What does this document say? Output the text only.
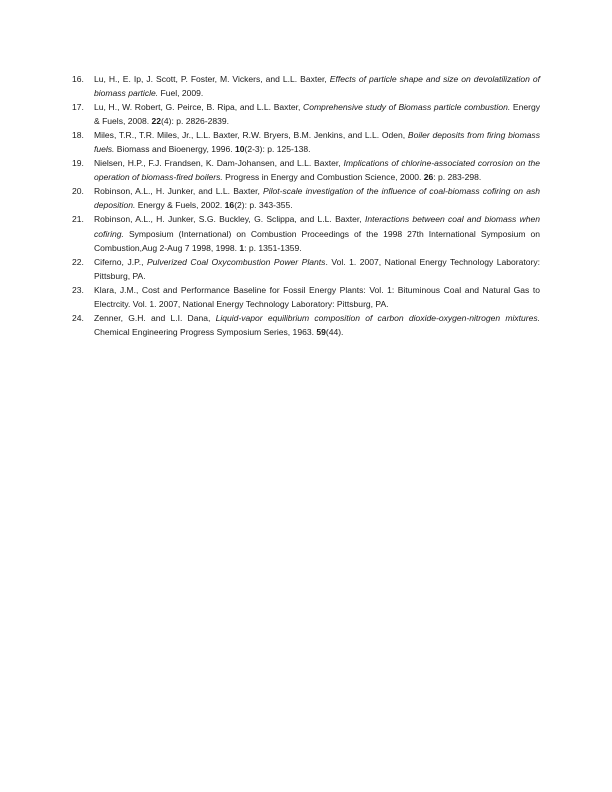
16. Lu, H., E. Ip, J. Scott, P. Foster, M. Vickers, and L.L. Baxter, Effects of particle shape and size on devolatilization of biomass particle. Fuel, 2009.
17. Lu, H., W. Robert, G. Peirce, B. Ripa, and L.L. Baxter, Comprehensive study of Biomass particle combustion. Energy & Fuels, 2008. 22(4): p. 2826-2839.
18. Miles, T.R., T.R. Miles, Jr., L.L. Baxter, R.W. Bryers, B.M. Jenkins, and L.L. Oden, Boiler deposits from firing biomass fuels. Biomass and Bioenergy, 1996. 10(2-3): p. 125-138.
19. Nielsen, H.P., F.J. Frandsen, K. Dam-Johansen, and L.L. Baxter, Implications of chlorine-associated corrosion on the operation of biomass-fired boilers. Progress in Energy and Combustion Science, 2000. 26: p. 283-298.
20. Robinson, A.L., H. Junker, and L.L. Baxter, Pilot-scale investigation of the influence of coal-biomass cofiring on ash deposition. Energy & Fuels, 2002. 16(2): p. 343-355.
21. Robinson, A.L., H. Junker, S.G. Buckley, G. Sclippa, and L.L. Baxter, Interactions between coal and biomass when cofiring. Symposium (International) on Combustion Proceedings of the 1998 27th International Symposium on Combustion,Aug 2-Aug 7 1998, 1998. 1: p. 1351-1359.
22. Ciferno, J.P., Pulverized Coal Oxycombustion Power Plants. Vol. 1. 2007, National Energy Technology Laboratory: Pittsburg, PA.
23. Klara, J.M., Cost and Performance Baseline for Fossil Energy Plants: Vol. 1: Bituminous Coal and Natural Gas to Electrcity. Vol. 1. 2007, National Energy Technology Laboratory: Pittsburg, PA.
24. Zenner, G.H. and L.I. Dana, Liquid-vapor equilibrium composition of carbon dioxide-oxygen-nitrogen mixtures. Chemical Engineering Progress Symposium Series, 1963. 59(44).
